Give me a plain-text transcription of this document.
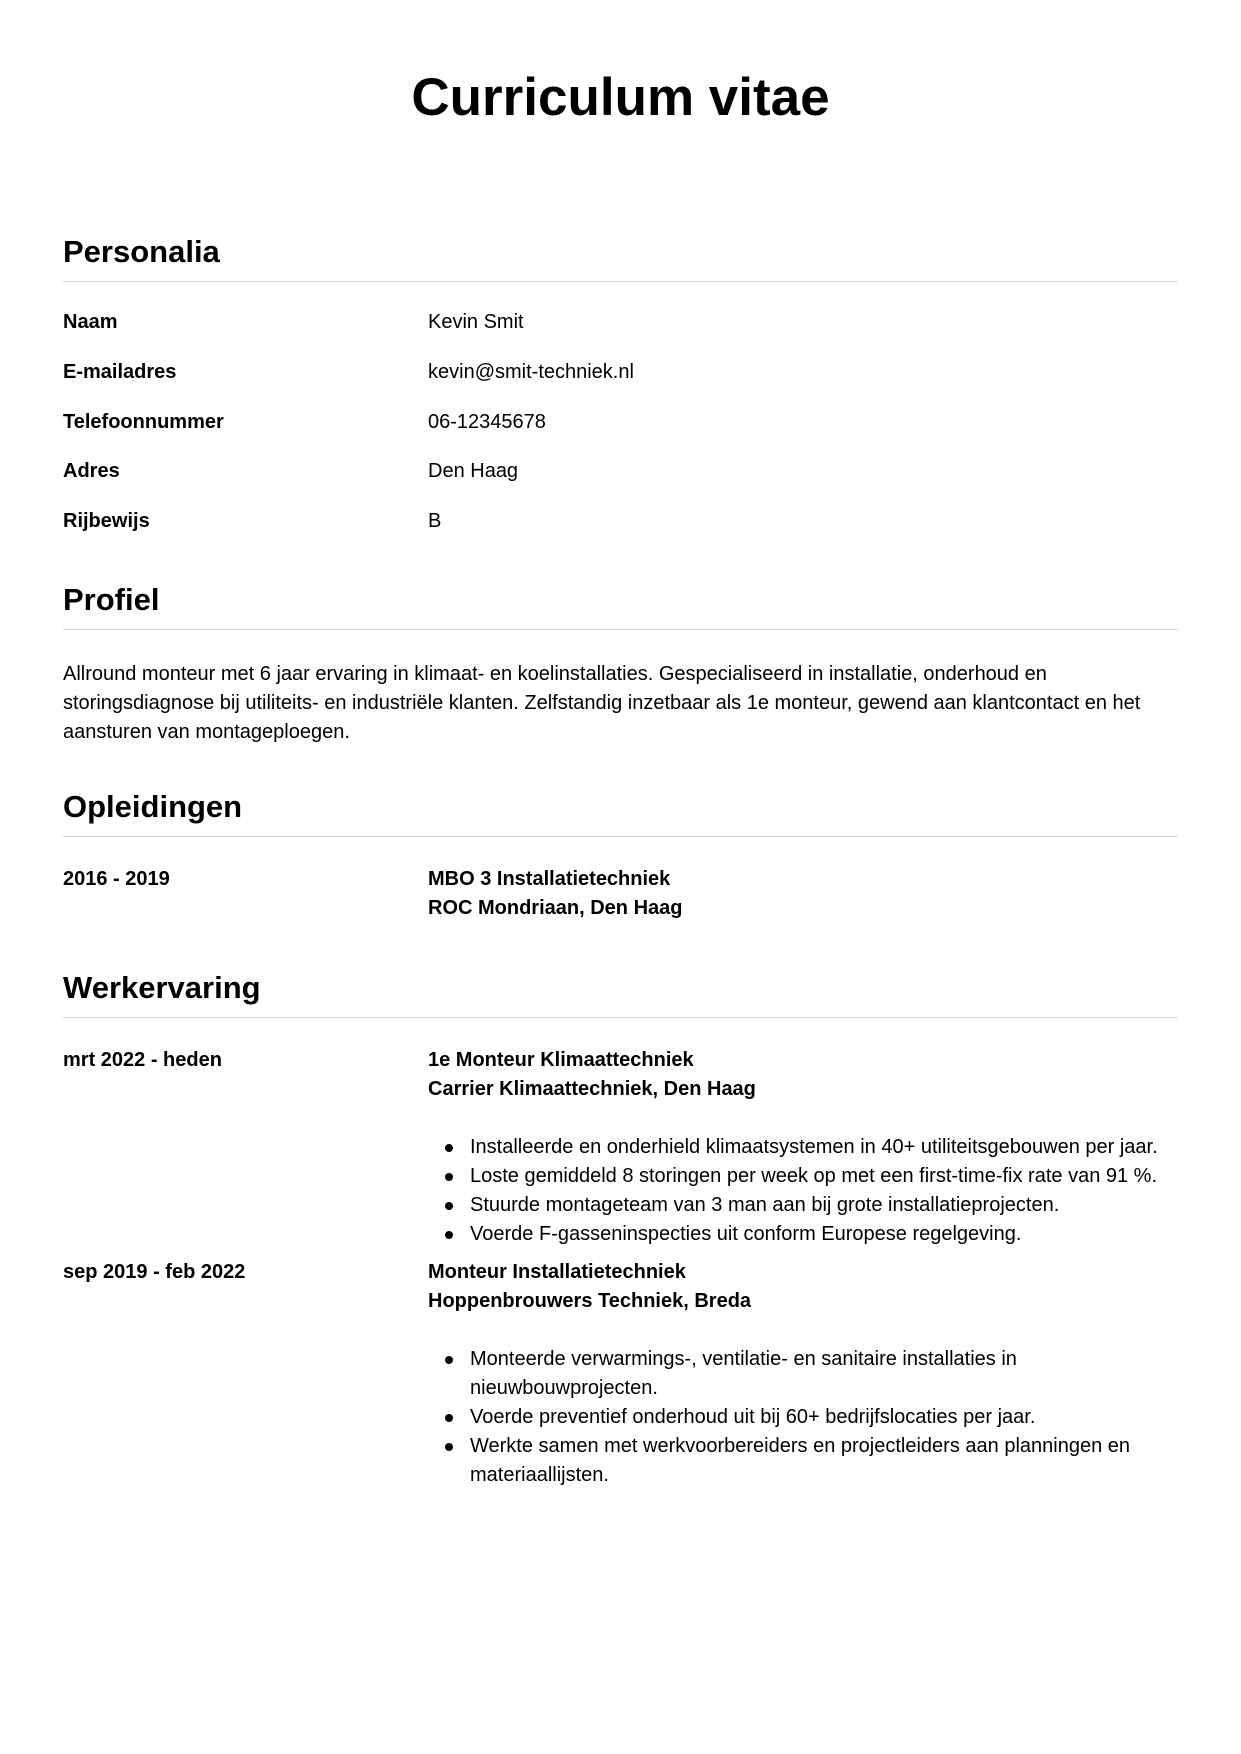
Curriculum vitae
Personalia
Naam	Kevin Smit
E-mailadres	kevin@smit-techniek.nl
Telefoonnummer	06-12345678
Adres	Den Haag
Rijbewijs	B
Profiel

Allround monteur met 6 jaar ervaring in klimaat- en koelinstallaties. Gespecialiseerd in installatie, onderhoud en storingsdiagnose bij utiliteits- en industriële klanten. Zelfstandig inzetbaar als 1e monteur, gewend aan klantcontact en het aansturen van montageploegen.

Opleidingen
2016 - 2019	MBO 3 Installatietechniek
ROC Mondriaan, Den Haag
Werkervaring
mrt 2022 - heden	1e Monteur Klimaattechniek
Carrier Klimaattechniek, Den Haag
Installeerde en onderhield klimaatsystemen in 40+ utiliteitsgebouwen per jaar.
Loste gemiddeld 8 storingen per week op met een first-time-fix rate van 91 %.
Stuurde montageteam van 3 man aan bij grote installatieprojecten.
Voerde F-gasseninspecties uit conform Europese regelgeving.
sep 2019 - feb 2022	Monteur Installatietechniek
Hoppenbrouwers Techniek, Breda
Monteerde verwarmings-, ventilatie- en sanitaire installaties in nieuwbouwprojecten.
Voerde preventief onderhoud uit bij 60+ bedrijfslocaties per jaar.
Werkte samen met werkvoorbereiders en projectleiders aan planningen en materiaallijsten.
